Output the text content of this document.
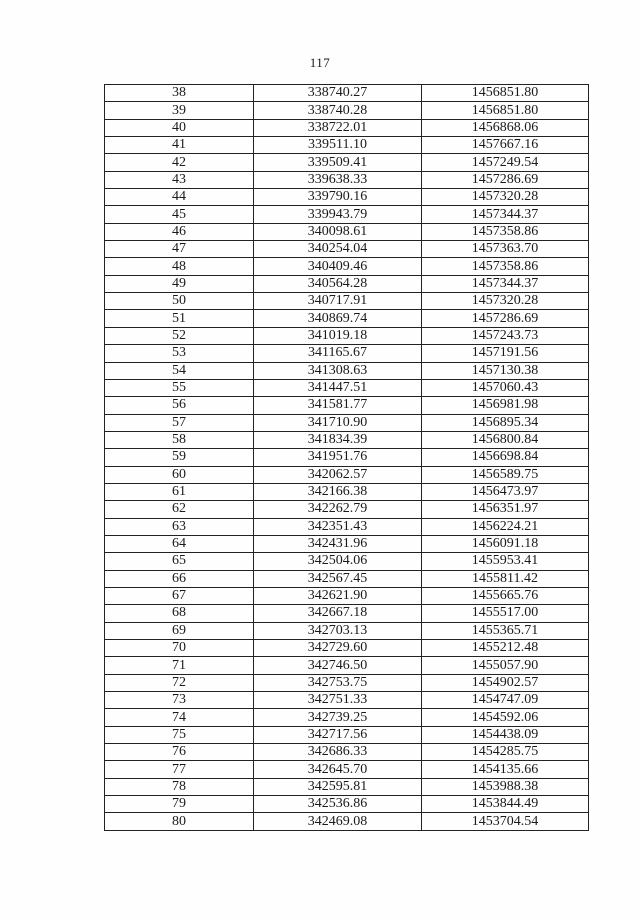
117
38	338740.27	1456851.80
39	338740.28	1456851.80
40	338722.01	1456868.06
41	339511.10	1457667.16
42	339509.41	1457249.54
43	339638.33	1457286.69
44	339790.16	1457320.28
45	339943.79	1457344.37
46	340098.61	1457358.86
47	340254.04	1457363.70
48	340409.46	1457358.86
49	340564.28	1457344.37
50	340717.91	1457320.28
51	340869.74	1457286.69
52	341019.18	1457243.73
53	341165.67	1457191.56
54	341308.63	1457130.38
55	341447.51	1457060.43
56	341581.77	1456981.98
57	341710.90	1456895.34
58	341834.39	1456800.84
59	341951.76	1456698.84
60	342062.57	1456589.75
61	342166.38	1456473.97
62	342262.79	1456351.97
63	342351.43	1456224.21
64	342431.96	1456091.18
65	342504.06	1455953.41
66	342567.45	1455811.42
67	342621.90	1455665.76
68	342667.18	1455517.00
69	342703.13	1455365.71
70	342729.60	1455212.48
71	342746.50	1455057.90
72	342753.75	1454902.57
73	342751.33	1454747.09
74	342739.25	1454592.06
75	342717.56	1454438.09
76	342686.33	1454285.75
77	342645.70	1454135.66
78	342595.81	1453988.38
79	342536.86	1453844.49
80	342469.08	1453704.54
